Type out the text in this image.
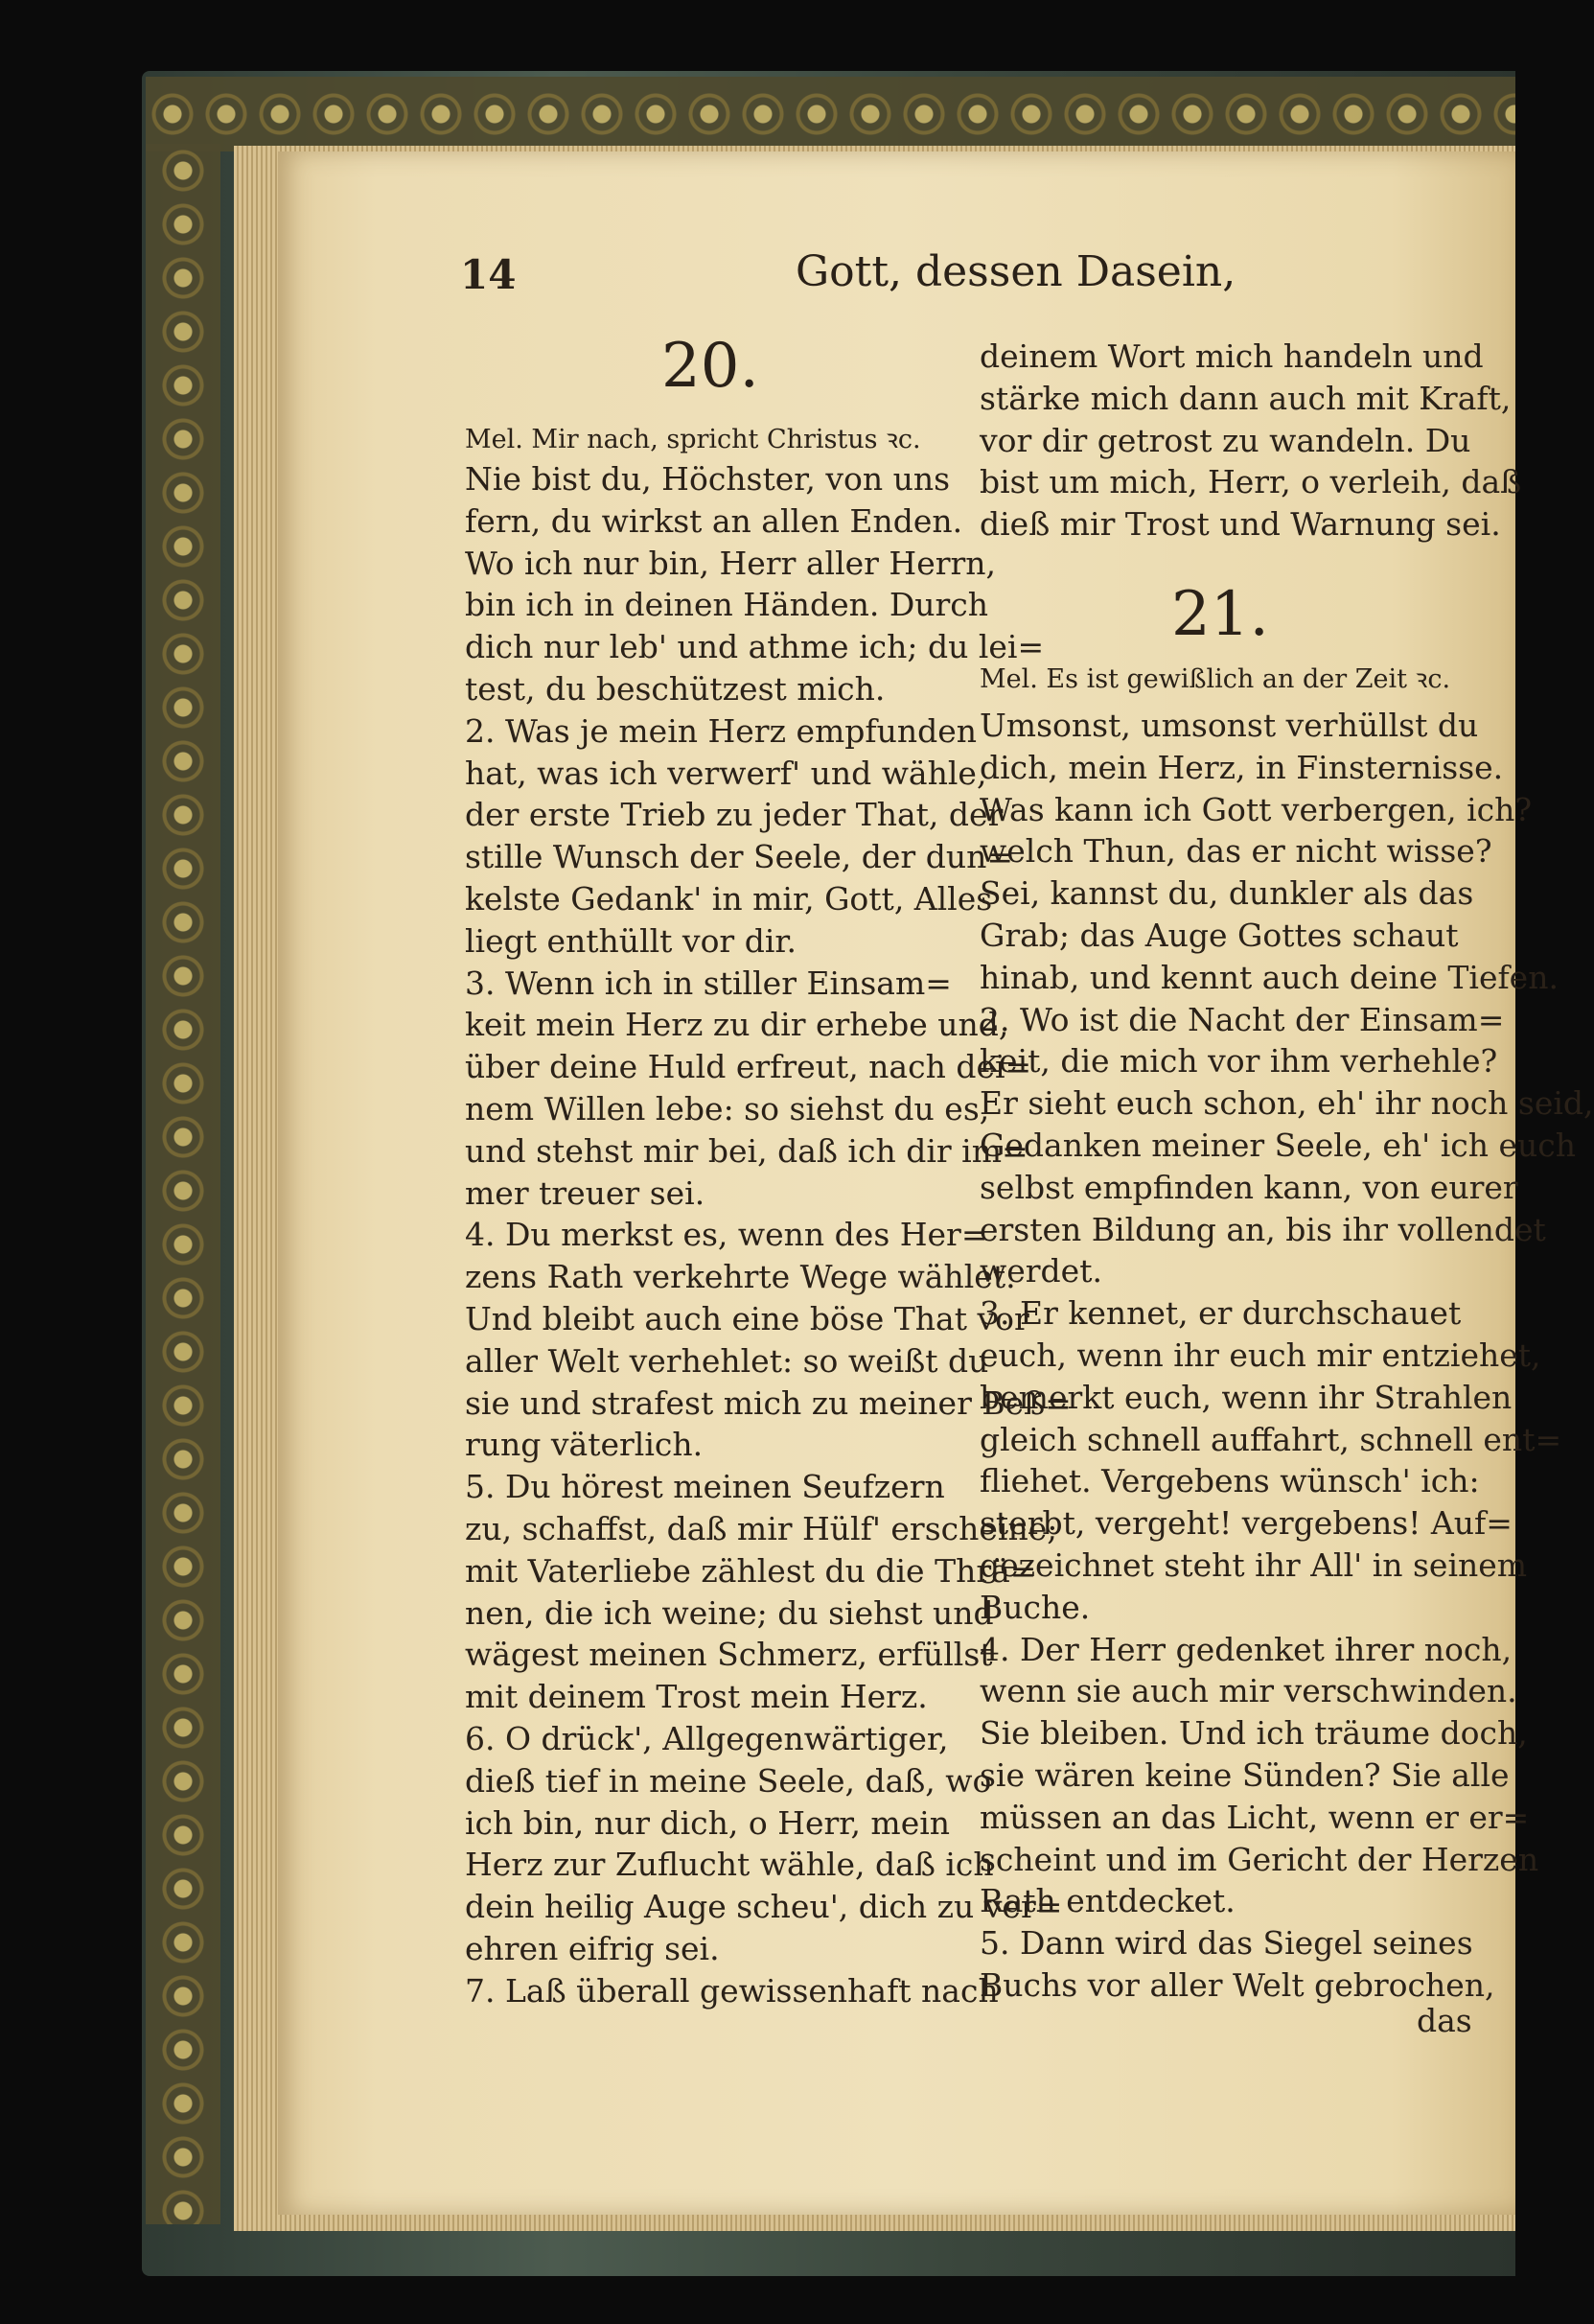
14	Gott, dessen Dasein,
20.
Mel. Mir nach, spricht Christus ꝛc.
Nie bist du, Höchster, von uns
fern, du wirkst an allen Enden.
Wo ich nur bin, Herr aller Herrn,
bin ich in deinen Händen. Durch
dich nur leb' und athme ich; du lei=
test, du beschützest mich.
2. Was je mein Herz empfunden
hat, was ich verwerf' und wähle,
der erste Trieb zu jeder That, der
stille Wunsch der Seele, der dun=
kelste Gedank' in mir, Gott, Alles
liegt enthüllt vor dir.
3. Wenn ich in stiller Einsam=
keit mein Herz zu dir erhebe und,
über deine Huld erfreut, nach dei=
nem Willen lebe: so siehst du es,
und stehst mir bei, daß ich dir im=
mer treuer sei.
4. Du merkst es, wenn des Her=
zens Rath verkehrte Wege wählet.
Und bleibt auch eine böse That vor
aller Welt verhehlet: so weißt du
sie und strafest mich zu meiner Beß=
rung väterlich.
5. Du hörest meinen Seufzern
zu, schaffst, daß mir Hülf' erscheine;
mit Vaterliebe zählest du die Thrä=
nen, die ich weine; du siehst und
wägest meinen Schmerz, erfüllst
mit deinem Trost mein Herz.
6. O drück', Allgegenwärtiger,
dieß tief in meine Seele, daß, wo
ich bin, nur dich, o Herr, mein
Herz zur Zuflucht wähle, daß ich
dein heilig Auge scheu', dich zu ver=
ehren eifrig sei.
7. Laß überall gewissenhaft nach
deinem Wort mich handeln und
stärke mich dann auch mit Kraft,
vor dir getrost zu wandeln. Du
bist um mich, Herr, o verleih, daß
dieß mir Trost und Warnung sei.
21.
Mel. Es ist gewißlich an der Zeit ꝛc.
Umsonst, umsonst verhüllst du
dich, mein Herz, in Finsternisse.
Was kann ich Gott verbergen, ich?
welch Thun, das er nicht wisse?
Sei, kannst du, dunkler als das
Grab; das Auge Gottes schaut
hinab, und kennt auch deine Tiefen.
2. Wo ist die Nacht der Einsam=
keit, die mich vor ihm verhehle?
Er sieht euch schon, eh' ihr noch seid,
Gedanken meiner Seele, eh' ich euch
selbst empfinden kann, von eurer
ersten Bildung an, bis ihr vollendet
werdet.
3. Er kennet, er durchschauet
euch, wenn ihr euch mir entziehet,
bemerkt euch, wenn ihr Strahlen
gleich schnell auffahrt, schnell ent=
fliehet. Vergebens wünsch' ich:
sterbt, vergeht! vergebens! Auf=
gezeichnet steht ihr All' in seinem
Buche.
4. Der Herr gedenket ihrer noch,
wenn sie auch mir verschwinden.
Sie bleiben. Und ich träume doch,
sie wären keine Sünden? Sie alle
müssen an das Licht, wenn er er=
scheint und im Gericht der Herzen
Rath entdecket.
5. Dann wird das Siegel seines
Buchs vor aller Welt gebrochen,
das
